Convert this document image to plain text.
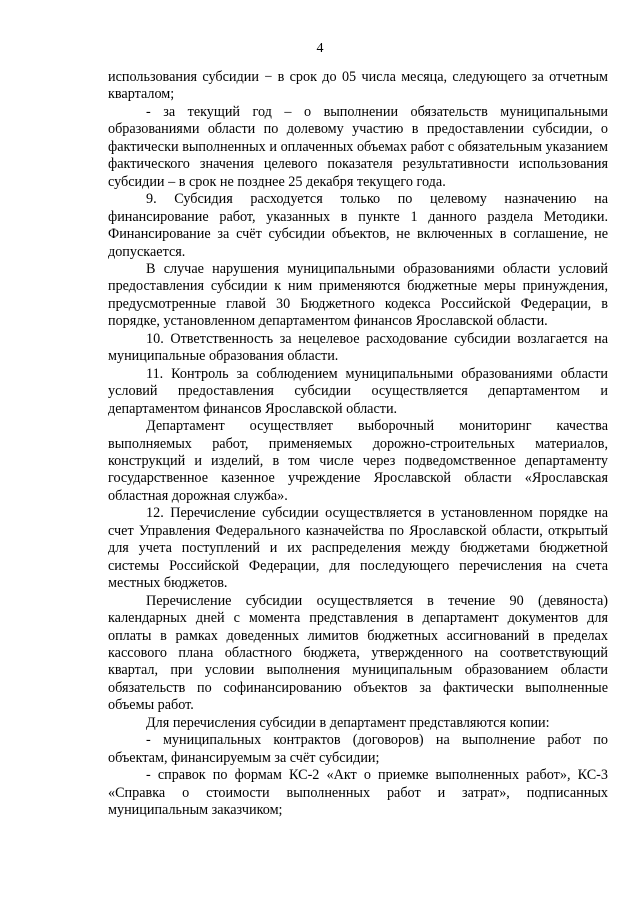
4

использования субсидии − в срок до 05 числа месяца, следующего за отчетным кварталом;

- за текущий год – о выполнении обязательств муниципальными образованиями области по долевому участию в предоставлении субсидии, о фактически выполненных и оплаченных объемах работ с обязательным указанием фактического значения целевого показателя результативности использования субсидии – в срок не позднее 25 декабря текущего года.

9. Субсидия расходуется только по целевому назначению на финансирование работ, указанных в пункте 1 данного раздела Методики. Финансирование за счёт субсидии объектов, не включенных в соглашение, не допускается.

В случае нарушения муниципальными образованиями области условий предоставления субсидии к ним применяются бюджетные меры принуждения, предусмотренные главой 30 Бюджетного кодекса Российской Федерации, в порядке, установленном департаментом финансов Ярославской области.

10. Ответственность за нецелевое расходование субсидии возлагается на муниципальные образования области.

11. Контроль за соблюдением муниципальными образованиями области условий предоставления субсидии осуществляется департаментом и департаментом финансов Ярославской области.

Департамент осуществляет выборочный мониторинг качества выполняемых работ, применяемых дорожно-строительных материалов, конструкций и изделий, в том числе через подведомственное департаменту государственное казенное учреждение Ярославской области «Ярославская областная дорожная служба».

12. Перечисление субсидии осуществляется в установленном порядке на счет Управления Федерального казначейства по Ярославской области, открытый для учета поступлений и их распределения между бюджетами бюджетной системы Российской Федерации, для последующего перечисления на счета местных бюджетов.

Перечисление субсидии осуществляется в течение 90 (девяноста) календарных дней с момента представления в департамент документов для оплаты в рамках доведенных лимитов бюджетных ассигнований в пределах кассового плана областного бюджета, утвержденного на соответствующий квартал, при условии выполнения муниципальным образованием области обязательств по софинансированию объектов за фактически выполненные объемы работ.

Для перечисления субсидии в департамент представляются копии:

- муниципальных контрактов (договоров) на выполнение работ по объектам, финансируемым за счёт субсидии;

- справок по формам КС-2 «Акт о приемке выполненных работ», КС-3 «Справка о стоимости выполненных работ и затрат», подписанных муниципальным заказчиком;
